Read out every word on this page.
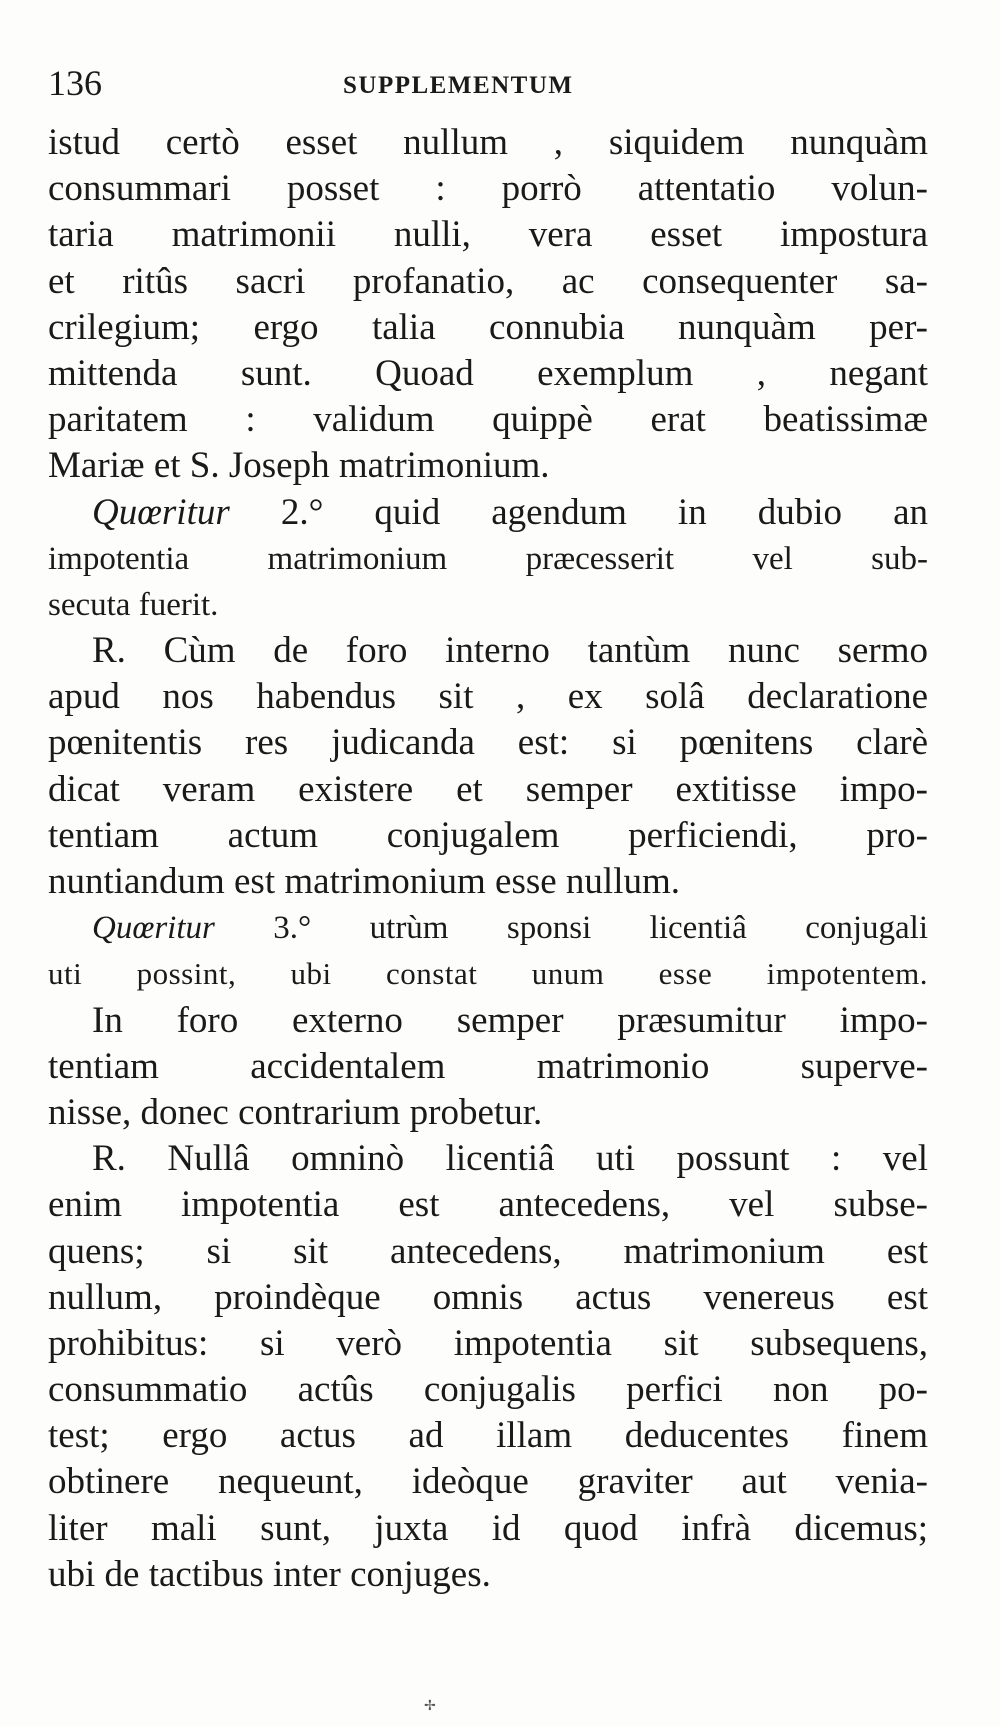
136	SUPPLEMENTUM
istud certò esset nullum , siquidem nunquàm
consummari posset : porrò attentatio volun-
taria matrimonii nulli, vera esset impostura
et ritûs sacri profanatio, ac consequenter sa-
crilegium; ergo talia connubia nunquàm per-
mittenda sunt. Quoad exemplum , negant
paritatem : validum quippè erat beatissimæ
Mariæ et S. Joseph matrimonium.
Quœritur 2.° quid agendum in dubio an
impotentia matrimonium præcesserit vel sub-
secuta fuerit.
R. Cùm de foro interno tantùm nunc sermo
apud nos habendus sit , ex solâ declaratione
pœnitentis res judicanda est: si pœnitens clarè
dicat veram existere et semper extitisse impo-
tentiam actum conjugalem perficiendi, pro-
nuntiandum est matrimonium esse nullum.
Quœritur 3.° utrùm sponsi licentiâ conjugali
uti possint, ubi constat unum esse impotentem.
In foro externo semper præsumitur impo-
tentiam accidentalem matrimonio superve-
nisse, donec contrarium probetur.
R. Nullâ omninò licentiâ uti possunt : vel
enim impotentia est antecedens, vel subse-
quens; si sit antecedens, matrimonium est
nullum, proindèque omnis actus venereus est
prohibitus: si verò impotentia sit subsequens,
consummatio actûs conjugalis perfici non po-
test; ergo actus ad illam deducentes finem
obtinere nequeunt, ideòque graviter aut venia-
liter mali sunt, juxta id quod infrà dicemus;
ubi de tactibus inter conjuges.
✢
